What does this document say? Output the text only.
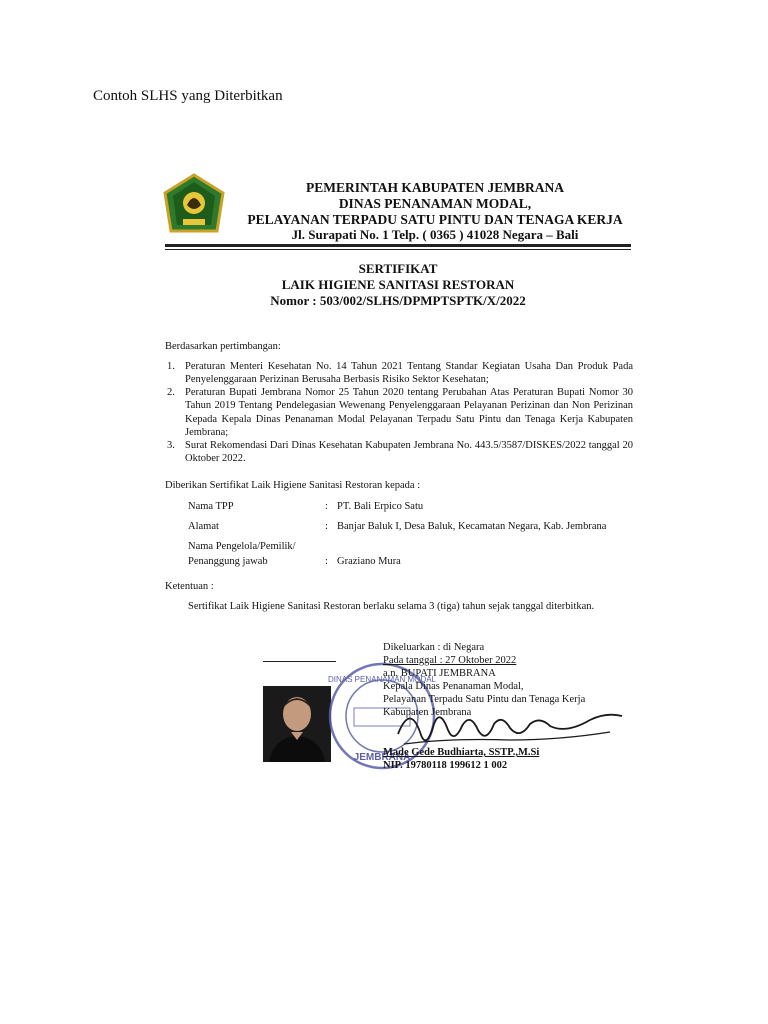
Contoh SLHS yang Diterbitkan
PEMERINTAH KABUPATEN JEMBRANA
DINAS PENANAMAN MODAL,
PELAYANAN TERPADU SATU PINTU DAN TENAGA KERJA
Jl. Surapati No. 1 Telp. ( 0365 ) 41028 Negara – Bali
SERTIFIKAT
LAIK HIGIENE SANITASI RESTORAN
Nomor : 503/002/SLHS/DPMPTSPTK/X/2022
Berdasarkan pertimbangan:
1. Peraturan Menteri Kesehatan No. 14 Tahun 2021 Tentang Standar Kegiatan Usaha Dan Produk Pada Penyelenggaraan Perizinan Berusaha Berbasis Risiko Sektor Kesehatan;
2. Peraturan Bupati Jembrana Nomor 25 Tahun 2020 tentang Perubahan Atas Peraturan Bupati Nomor 30 Tahun 2019 Tentang Pendelegasian Wewenang Penyelenggaraan Pelayanan Perizinan dan Non Perizinan Kepada Kepala Dinas Penanaman Modal Pelayanan Terpadu Satu Pintu dan Tenaga Kerja Kabupaten Jembrana;
3. Surat Rekomendasi Dari Dinas Kesehatan Kabupaten Jembrana No. 443.5/3587/DISKES/2022 tanggal 20 Oktober 2022.
Diberikan Sertifikat Laik Higiene Sanitasi Restoran kepada :
Nama TPP	: PT. Bali Erpico Satu
Alamat	: Banjar Baluk I, Desa Baluk, Kecamatan Negara, Kab. Jembrana
Nama Pengelola/Pemilik/
Penanggung jawab	: Graziano Mura
Ketentuan :
Sertifikat Laik Higiene Sanitasi Restoran berlaku selama 3 (tiga) tahun sejak tanggal diterbitkan.
DINAS PENANAMAN MODAL
JEMBRANA
Dikeluarkan : di Negara
Pada tanggal : 27 Oktober 2022
a.n. BUPATI JEMBRANA
Kepala Dinas Penanaman Modal,
Pelayanan Terpadu Satu Pintu dan Tenaga Kerja
Kabupaten Jembrana
Made Gede Budhiarta, SSTP.,M.Si
NIP. 19780118 199612 1 002
